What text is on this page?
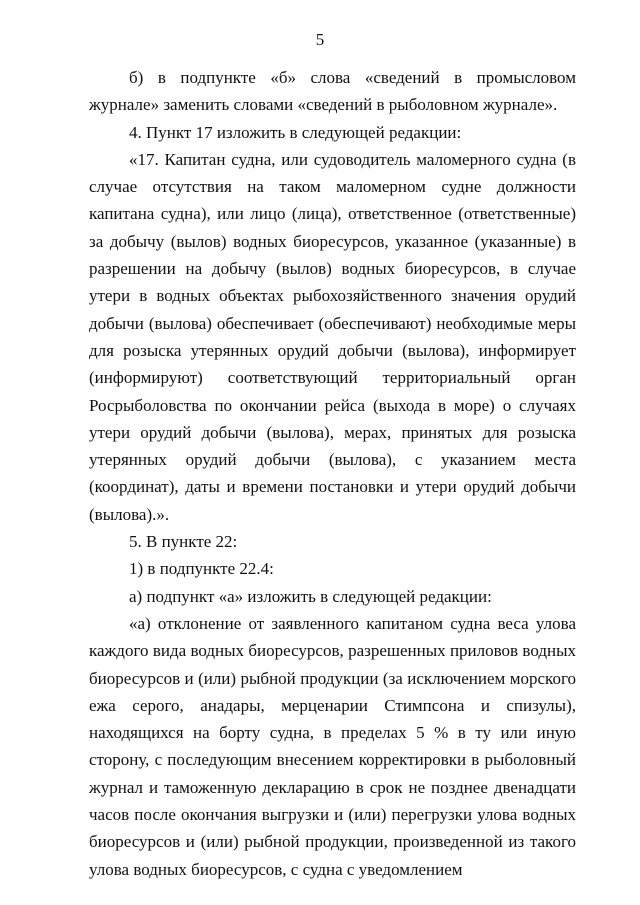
5

б) в подпункте «б» слова «сведений в промысловом журнале» заменить словами «сведений в рыболовном журнале».

4. Пункт 17 изложить в следующей редакции:

«17. Капитан судна, или судоводитель маломерного судна (в случае отсутствия на таком маломерном судне должности капитана судна), или лицо (лица), ответственное (ответственные) за добычу (вылов) водных биоресурсов, указанное (указанные) в разрешении на добычу (вылов) водных биоресурсов, в случае утери в водных объектах рыбохозяйственного значения орудий добычи (вылова) обеспечивает (обеспечивают) необходимые меры для розыска утерянных орудий добычи (вылова), информирует (информируют) соответствующий территориальный орган Росрыболовства по окончании рейса (выхода в море) о случаях утери орудий добычи (вылова), мерах, принятых для розыска утерянных орудий добычи (вылова), с указанием места (координат), даты и времени постановки и утери орудий добычи (вылова).».

5. В пункте 22:

1) в подпункте 22.4:

а) подпункт «а» изложить в следующей редакции:

«а) отклонение от заявленного капитаном судна веса улова каждого вида водных биоресурсов, разрешенных приловов водных биоресурсов и (или) рыбной продукции (за исключением морского ежа серого, анадары, мерценарии Стимпсона и спизулы), находящихся на борту судна, в пределах 5 % в ту или иную сторону, с последующим внесением корректировки в рыболовный журнал и таможенную декларацию в срок не позднее двенадцати часов после окончания выгрузки и (или) перегрузки улова водных биоресурсов и (или) рыбной продукции, произведенной из такого улова водных биоресурсов, с судна с уведомлением
